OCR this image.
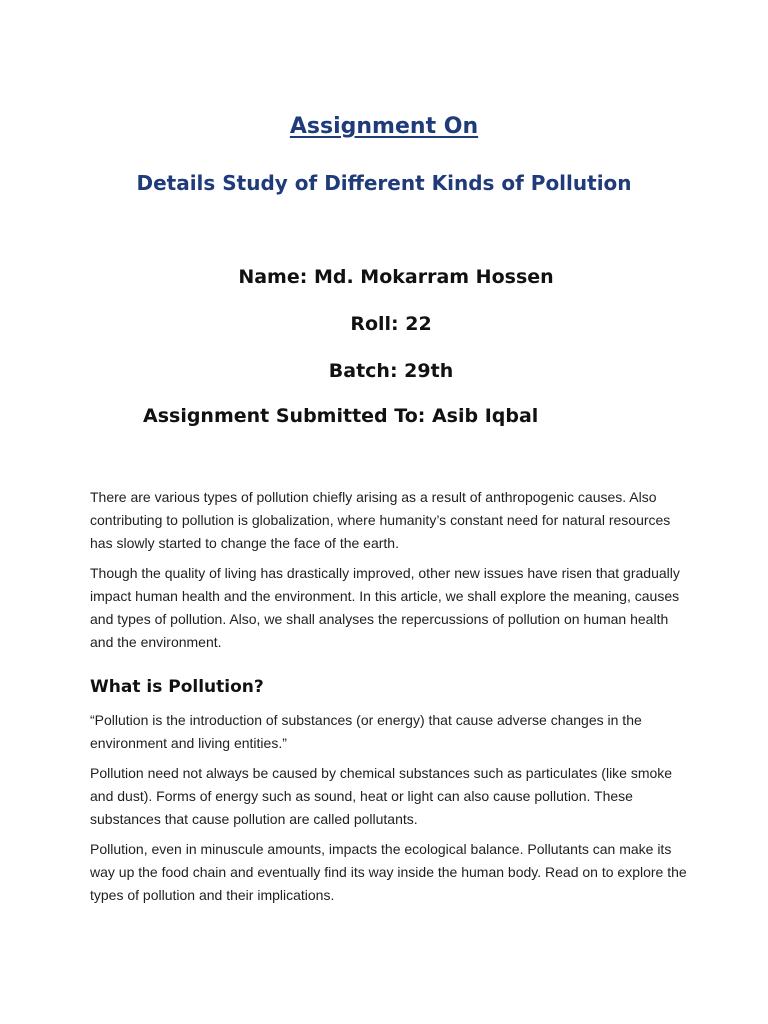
Assignment On
Details Study of Different Kinds of Pollution
Name: Md. Mokarram Hossen
Roll: 22
Batch: 29th
Assignment Submitted To: Asib Iqbal

There are various types of pollution chiefly arising as a result of anthropogenic causes. Also contributing to pollution is globalization, where humanity’s constant need for natural resources has slowly started to change the face of the earth.

Though the quality of living has drastically improved, other new issues have risen that gradually impact human health and the environment. In this article, we shall explore the meaning, causes and types of pollution. Also, we shall analyses the repercussions of pollution on human health and the environment.

What is Pollution?

“Pollution is the introduction of substances (or energy) that cause adverse changes in the environment and living entities.”

Pollution need not always be caused by chemical substances such as particulates (like smoke and dust). Forms of energy such as sound, heat or light can also cause pollution. These substances that cause pollution are called pollutants.

Pollution, even in minuscule amounts, impacts the ecological balance. Pollutants can make its way up the food chain and eventually find its way inside the human body. Read on to explore the types of pollution and their implications.
